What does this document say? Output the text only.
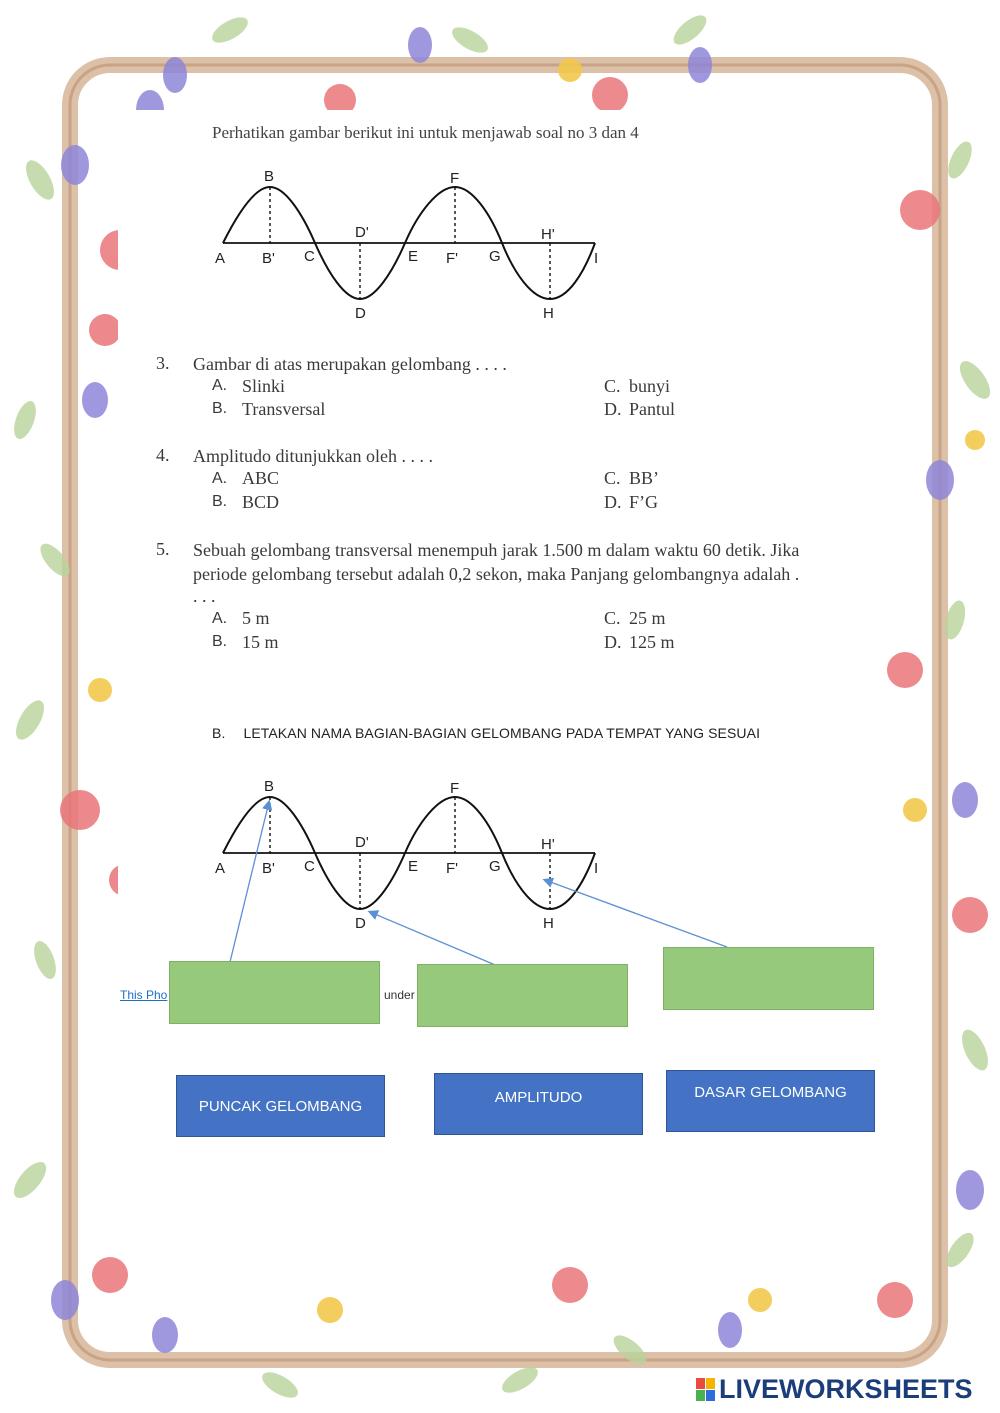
Perhatikan gambar berikut ini untuk menjawab soal no 3 dan 4
A
B
B' C
D'
D
E
F
F' G
H'
H
I
3. Gambar di atas merupakan gelombang . . . .
A. Slinki
B. Transversal
C. bunyi
D. Pantul
4. Amplitudo ditunjukkan oleh . . . .
A. ABC
B. BCD
C. BB’
D. F’G
5. Sebuah gelombang transversal menempuh jarak 1.500 m dalam waktu 60 detik. Jika
periode gelombang tersebut adalah 0,2 sekon, maka Panjang gelombangnya adalah .
. . .
A. 5 m
B. 15 m
C. 25 m
D. 125 m
B. LETAKAN NAMA BAGIAN-BAGIAN GELOMBANG PADA TEMPAT YANG SESUAI
A
B
B' C
D'
D
E
F
F' G
H'
H
I
This Pho	under
PUNCAK GELOMBANG
AMPLITUDO	DASAR GELOMBANG
LIVEWORKSHEETS
